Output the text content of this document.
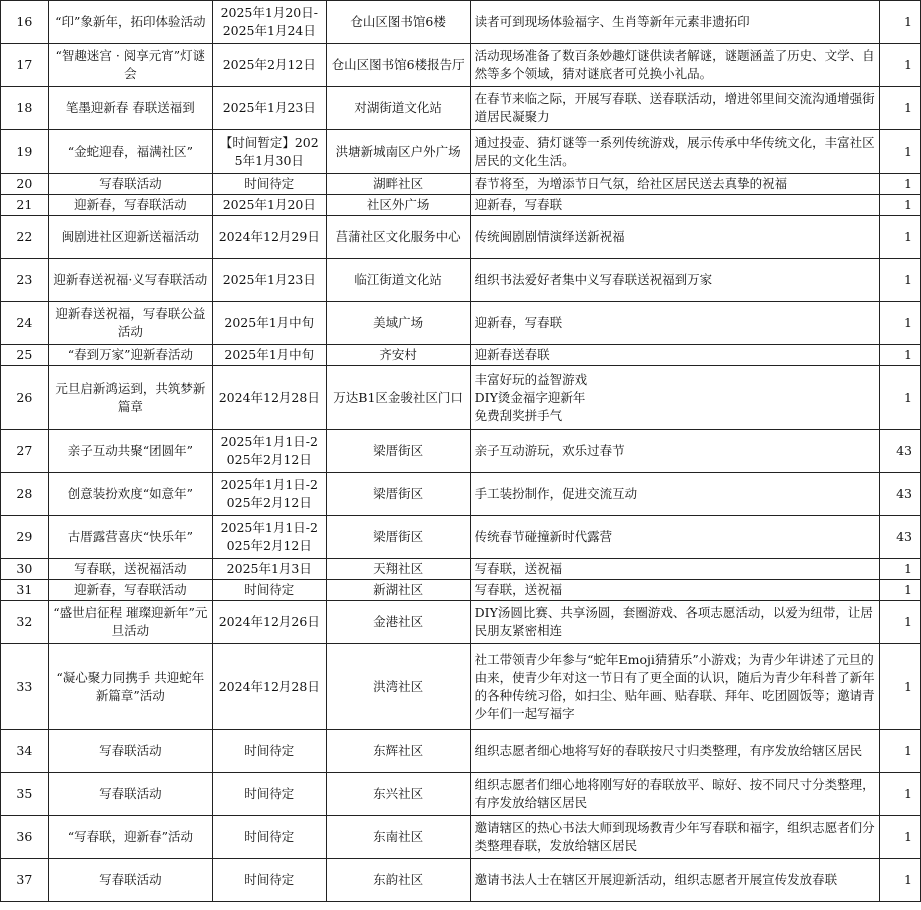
16	“印”象新年，拓印体验活动	2025年1月20日-2025年1月24日	仓山区图书馆6楼	读者可到现场体验福字、生肖等新年元素非遗拓印	1
17	“智趣迷宫 · 阅享元宵”灯谜会	2025年2月12日	仓山区图书馆6楼报告厅	活动现场准备了数百条妙趣灯谜供读者解谜，谜题涵盖了历史、文学、自然等多个领域，猜对谜底者可兑换小礼品。	1
18	笔墨迎新春 春联送福到	2025年1月23日	对湖街道文化站	在春节来临之际，开展写春联、送春联活动，增进邻里间交流沟通增强街道居民凝聚力	1
19	“金蛇迎春，福满社区”	【时间暂定】2025年1月30日	洪塘新城南区户外广场	通过投壶、猜灯谜等一系列传统游戏，展示传承中华传统文化，丰富社区居民的文化生活。	1
20	写春联活动	时间待定	湖畔社区	春节将至，为增添节日气氛，给社区居民送去真挚的祝福	1
21	迎新春，写春联活动	2025年1月20日	社区外广场	迎新春，写春联	1
22	闽剧进社区迎新送福活动	2024年12月29日	莒蒲社区文化服务中心	传统闽剧剧情演绎送新祝福	1
23	迎新春送祝福·义写春联活动	2025年1月23日	临江街道文化站	组织书法爱好者集中义写春联送祝福到万家	1
24	迎新春送祝福，写春联公益活动	2025年1月中旬	美域广场	迎新春，写春联	1
25	“春到万家”迎新春活动	2025年1月中旬	齐安村	迎新春送春联	1
26	元旦启新鸿运到，共筑梦新篇章	2024年12月28日	万达B1区金骏社区门口	丰富好玩的益智游戏
DIY烫金福字迎新年
免费刮奖拼手气	1
27	亲子互动共聚“团圆年”	2025年1月1日-2025年2月12日	梁厝街区	亲子互动游玩，欢乐过春节	43
28	创意装扮欢度“如意年”	2025年1月1日-2025年2月12日	梁厝街区	手工装扮制作，促进交流互动	43
29	古厝露营喜庆“快乐年”	2025年1月1日-2025年2月12日	梁厝街区	传统春节碰撞新时代露营	43
30	写春联，送祝福活动	2025年1月3日	天翔社区	写春联，送祝福	1
31	迎新春，写春联活动	时间待定	新湖社区	写春联，送祝福	1
32	“盛世启征程 璀璨迎新年”元旦活动	2024年12月26日	金港社区	DIY汤圆比赛、共享汤圆，套圈游戏、各项志愿活动，以爱为纽带，让居民朋友紧密相连	1
33	“凝心聚力同携手 共迎蛇年新篇章”活动	2024年12月28日	洪湾社区	社工带领青少年参与“蛇年Emoji猜猜乐”小游戏；为青少年讲述了元旦的由来，使青少年对这一节日有了更全面的认识，随后为青少年科普了新年的各种传统习俗，如扫尘、贴年画、贴春联、拜年、吃团圆饭等；邀请青少年们一起写福字	1
34	写春联活动	时间待定	东辉社区	组织志愿者细心地将写好的春联按尺寸归类整理，有序发放给辖区居民	1
35	写春联活动	时间待定	东兴社区	组织志愿者们细心地将刚写好的春联放平、晾好、按不同尺寸分类整理，有序发放给辖区居民	1
36	“写春联，迎新春”活动	时间待定	东南社区	邀请辖区的热心书法大师到现场教青少年写春联和福字，组织志愿者们分类整理春联，发放给辖区居民	1
37	写春联活动	时间待定	东韵社区	邀请书法人士在辖区开展迎新活动，组织志愿者开展宣传发放春联	1
